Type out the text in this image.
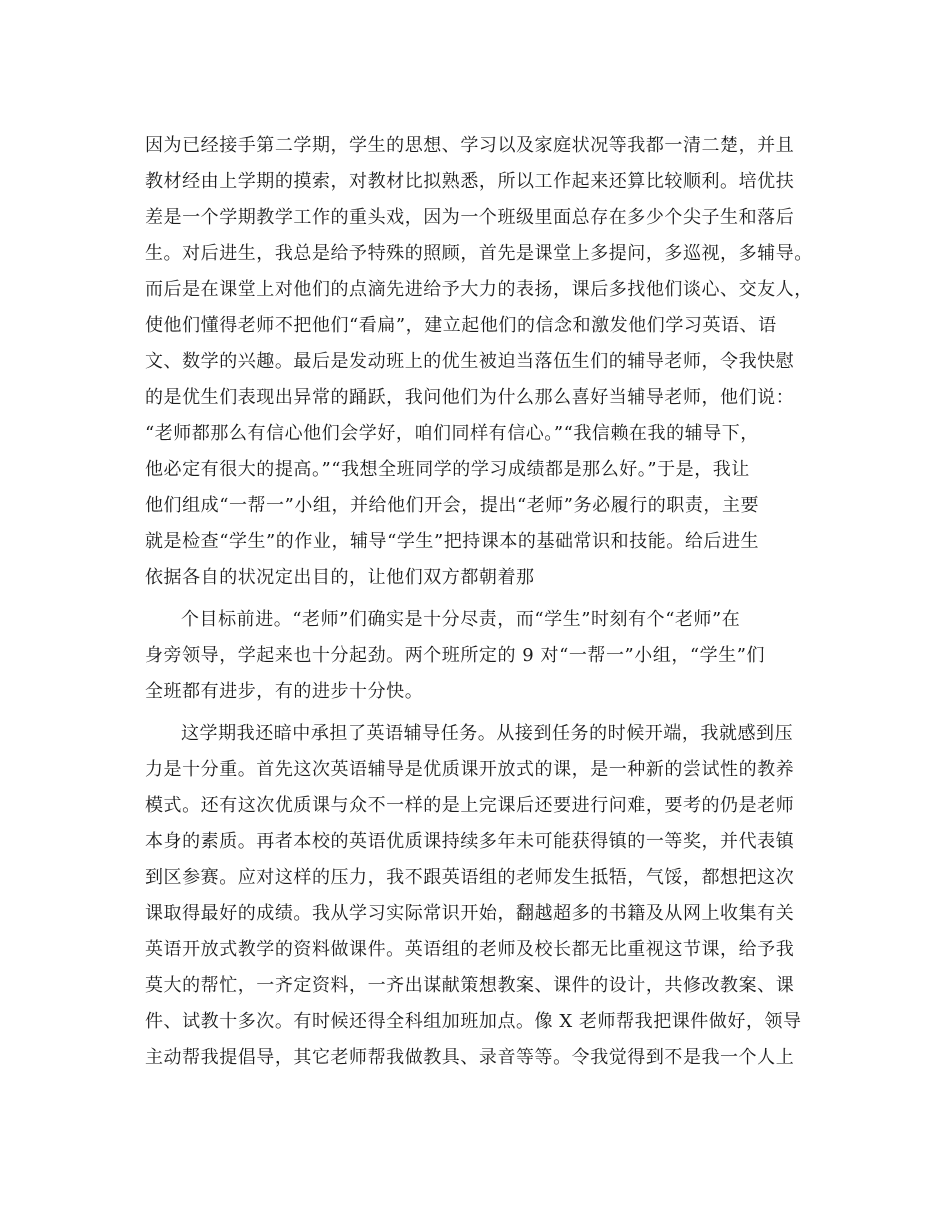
因为已经接手第二学期，学生的思想、学习以及家庭状况等我都一清二楚，并且
教材经由上学期的摸索，对教材比拟熟悉，所以工作起来还算比较顺利。培优扶
差是一个学期教学工作的重头戏，因为一个班级里面总存在多少个尖子生和落后
生。对后进生，我总是给予特殊的照顾，首先是课堂上多提问，多巡视，多辅导。
而后是在课堂上对他们的点滴先进给予大力的表扬，课后多找他们谈心、交友人，
使他们懂得老师不把他们“看扁”，建立起他们的信念和激发他们学习英语、语
文、数学的兴趣。最后是发动班上的优生被迫当落伍生们的辅导老师，令我快慰
的是优生们表现出异常的踊跃，我问他们为什么那么喜好当辅导老师，他们说：
“老师都那么有信心他们会学好，咱们同样有信心。”“我信赖在我的辅导下，
他必定有很大的提高。”“我想全班同学的学习成绩都是那么好。”于是，我让
他们组成“一帮一”小组，并给他们开会，提出“老师”务必履行的职责，主要
就是检查“学生”的作业，辅导“学生”把持课本的基础常识和技能。给后进生
依据各自的状况定出目的，让他们双方都朝着那
个目标前进。“老师”们确实是十分尽责，而“学生”时刻有个“老师”在
身旁领导，学起来也十分起劲。两个班所定的 9 对“一帮一”小组，“学生”们
全班都有进步，有的进步十分快。
这学期我还暗中承担了英语辅导任务。从接到任务的时候开端，我就感到压
力是十分重。首先这次英语辅导是优质课开放式的课，是一种新的尝试性的教养
模式。还有这次优质课与众不一样的是上完课后还要进行问难，要考的仍是老师
本身的素质。再者本校的英语优质课持续多年未可能获得镇的一等奖，并代表镇
到区参赛。应对这样的压力，我不跟英语组的老师发生抵牾，气馁，都想把这次
课取得最好的成绩。我从学习实际常识开始，翻越超多的书籍及从网上收集有关
英语开放式教学的资料做课件。英语组的老师及校长都无比重视这节课，给予我
莫大的帮忙，一齐定资料，一齐出谋献策想教案、课件的设计，共修改教案、课
件、试教十多次。有时候还得全科组加班加点。像 X 老师帮我把课件做好，领导
主动帮我提倡导，其它老师帮我做教具、录音等等。令我觉得到不是我一个人上
